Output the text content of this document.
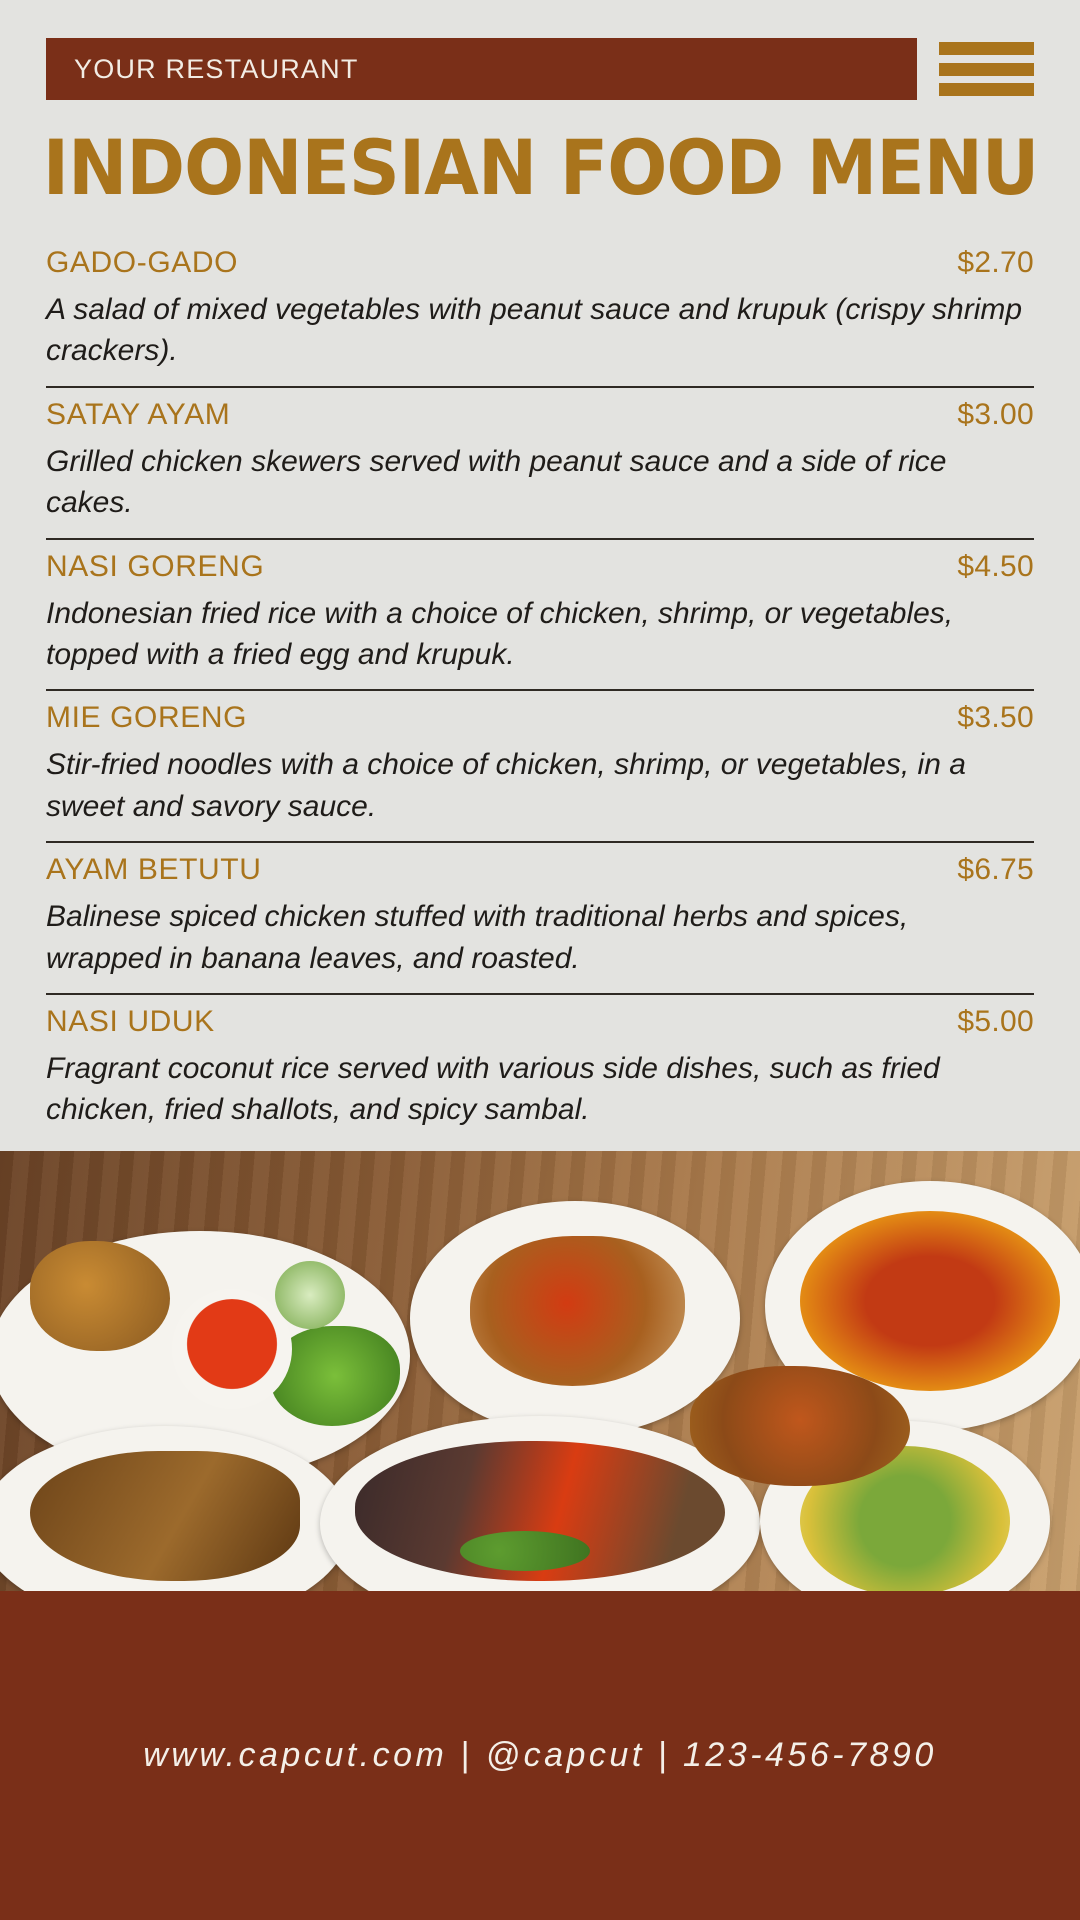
YOUR RESTAURANT
INDONESIAN FOOD MENU
GADO-GADO	$2.70
A salad of mixed vegetables with peanut sauce and krupuk (crispy shrimp crackers).
SATAY AYAM	$3.00
Grilled chicken skewers served with peanut sauce and a side of rice cakes.
NASI GORENG	$4.50
Indonesian fried rice with a choice of chicken, shrimp, or vegetables, topped with a fried egg and krupuk.
MIE GORENG	$3.50
Stir-fried noodles with a choice of chicken, shrimp, or vegetables, in a sweet and savory sauce.
AYAM BETUTU	$6.75
Balinese spiced chicken stuffed with traditional herbs and spices, wrapped in banana leaves, and roasted.
NASI UDUK	$5.00
Fragrant coconut rice served with various side dishes, such as fried chicken, fried shallots, and spicy sambal.
www.capcut.com | @capcut | 123-456-7890
